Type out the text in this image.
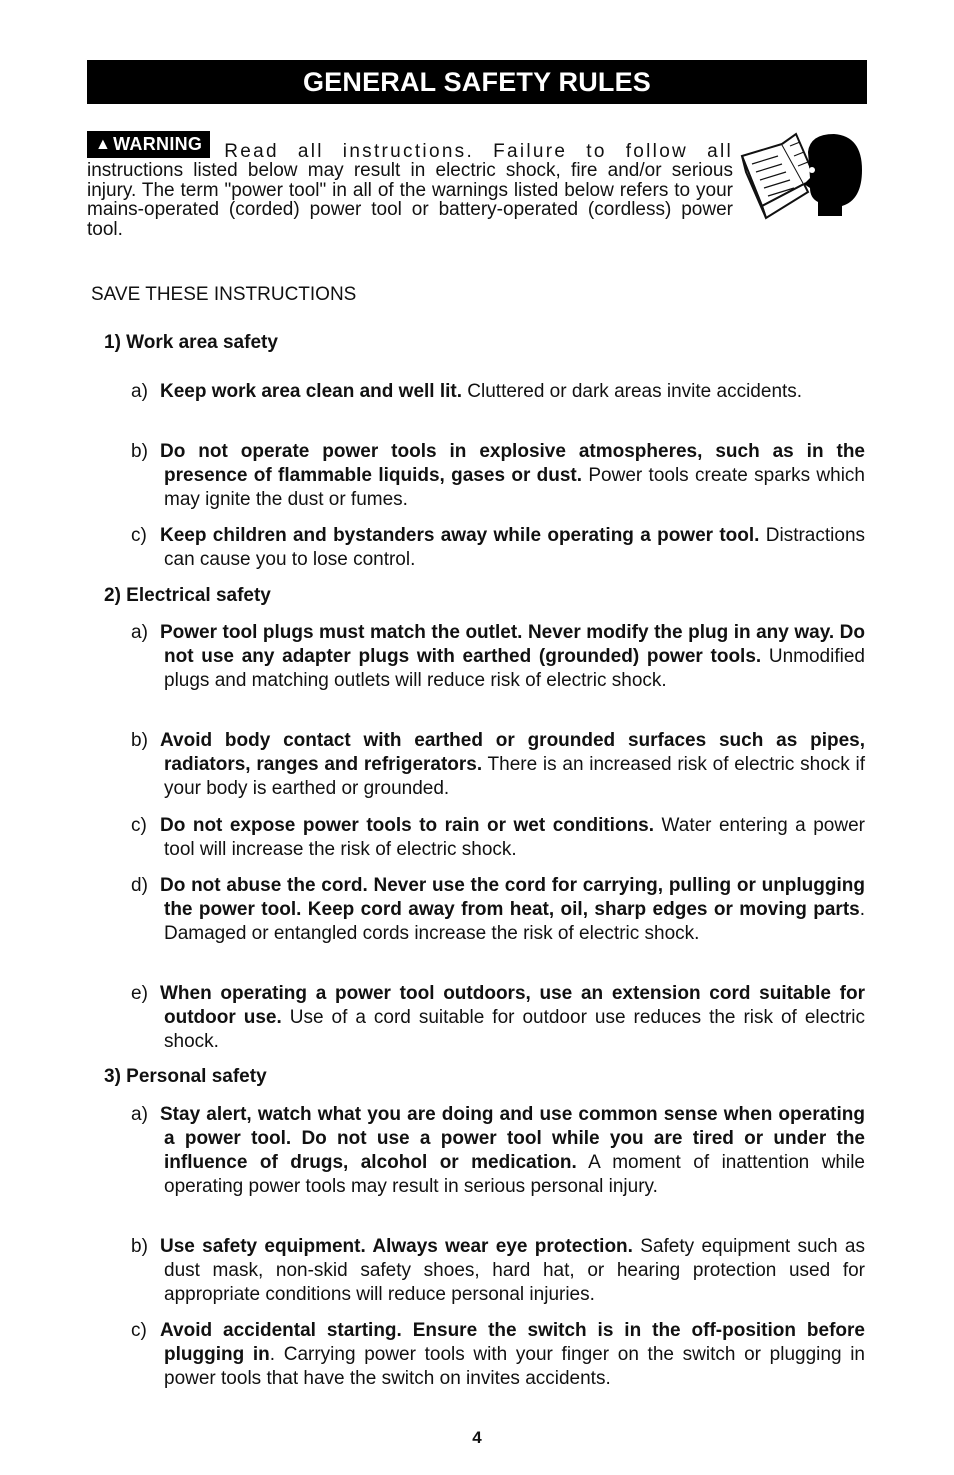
GENERAL SAFETY RULES
▲ WARNING Read all instructions. Failure to follow all instructions listed below may result in electric shock, fire and/or serious injury. The term "power tool" in all of the warnings listed below refers to your mains-operated (corded) power tool or battery-operated (cordless) power tool.
SAVE THESE INSTRUCTIONS
1) Work area safety
a) Keep work area clean and well lit. Cluttered or dark areas invite accidents.
b) Do not operate power tools in explosive atmospheres, such as in the presence of flammable liquids, gases or dust. Power tools create sparks which may ignite the dust or fumes.
c) Keep children and bystanders away while operating a power tool. Distractions can cause you to lose control.
2) Electrical safety
a) Power tool plugs must match the outlet. Never modify the plug in any way. Do not use any adapter plugs with earthed (grounded) power tools. Unmodified plugs and matching outlets will reduce risk of electric shock.
b) Avoid body contact with earthed or grounded surfaces such as pipes, radiators, ranges and refrigerators. There is an increased risk of electric shock if your body is earthed or grounded.
c) Do not expose power tools to rain or wet conditions. Water entering a power tool will increase the risk of electric shock.
d) Do not abuse the cord. Never use the cord for carrying, pulling or unplugging the power tool. Keep cord away from heat, oil, sharp edges or moving parts. Damaged or entangled cords increase the risk of electric shock.
e) When operating a power tool outdoors, use an extension cord suitable for outdoor use. Use of a cord suitable for outdoor use reduces the risk of electric shock.
3) Personal safety
a) Stay alert, watch what you are doing and use common sense when operating a power tool. Do not use a power tool while you are tired or under the influence of drugs, alcohol or medication. A moment of inattention while operating power tools may result in serious personal injury.
b) Use safety equipment. Always wear eye protection. Safety equipment such as dust mask, non-skid safety shoes, hard hat, or hearing protection used for appropriate conditions will reduce personal injuries.
c) Avoid accidental starting. Ensure the switch is in the off-position before plugging in. Carrying power tools with your finger on the switch or plugging in power tools that have the switch on invites accidents.
4
